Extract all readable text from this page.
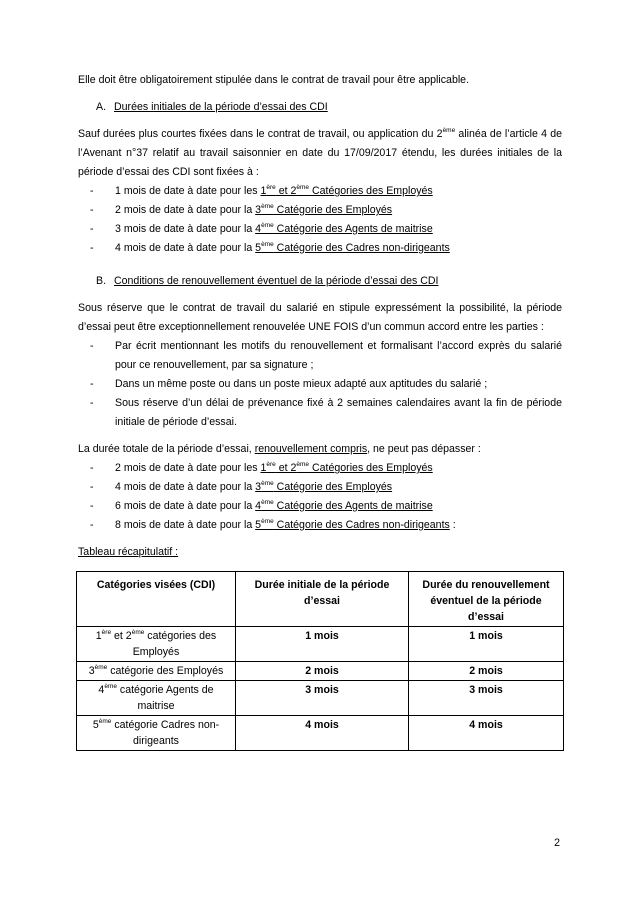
Elle doit être obligatoirement stipulée dans le contrat de travail pour être applicable.

A. Durées initiales de la période d’essai des CDI

Sauf durées plus courtes fixées dans le contrat de travail, ou application du 2ème alinéa de l’article 4 de l’Avenant n°37 relatif au travail saisonnier en date du 17/09/2017 étendu, les durées initiales de la période d’essai des CDI sont fixées à :

- 1 mois de date à date pour les 1ère et 2ème Catégories des Employés
- 2 mois de date à date pour la 3ème Catégorie des Employés
- 3 mois de date à date pour la 4ème Catégorie des Agents de maitrise
- 4 mois de date à date pour la 5ème Catégorie des Cadres non-dirigeants

B. Conditions de renouvellement éventuel de la période d’essai des CDI

Sous réserve que le contrat de travail du salarié en stipule expressément la possibilité, la période d’essai peut être exceptionnellement renouvelée UNE FOIS d’un commun accord entre les parties :

- Par écrit mentionnant les motifs du renouvellement et formalisant l’accord exprès du salarié pour ce renouvellement, par sa signature ;
- Dans un même poste ou dans un poste mieux adapté aux aptitudes du salarié ;
- Sous réserve d’un délai de prévenance fixé à 2 semaines calendaires avant la fin de période initiale de période d’essai.

La durée totale de la période d’essai, renouvellement compris, ne peut pas dépasser :

- 2 mois de date à date pour les 1ère et 2ème Catégories des Employés
- 4 mois de date à date pour la 3ème Catégorie des Employés
- 6 mois de date à date pour la 4ème Catégorie des Agents de maitrise
- 8 mois de date à date pour la 5ème Catégorie des Cadres non-dirigeants :

Tableau récapitulatif :

Catégories visées (CDI)	Durée initiale de la période d’essai	Durée du renouvellement éventuel de la période d’essai
1ère et 2ème catégories des Employés	1 mois	1 mois
3ème catégorie des Employés	2 mois	2 mois
4ème catégorie Agents de maitrise	3 mois	3 mois
5ème catégorie Cadres non-dirigeants	4 mois	4 mois
2
